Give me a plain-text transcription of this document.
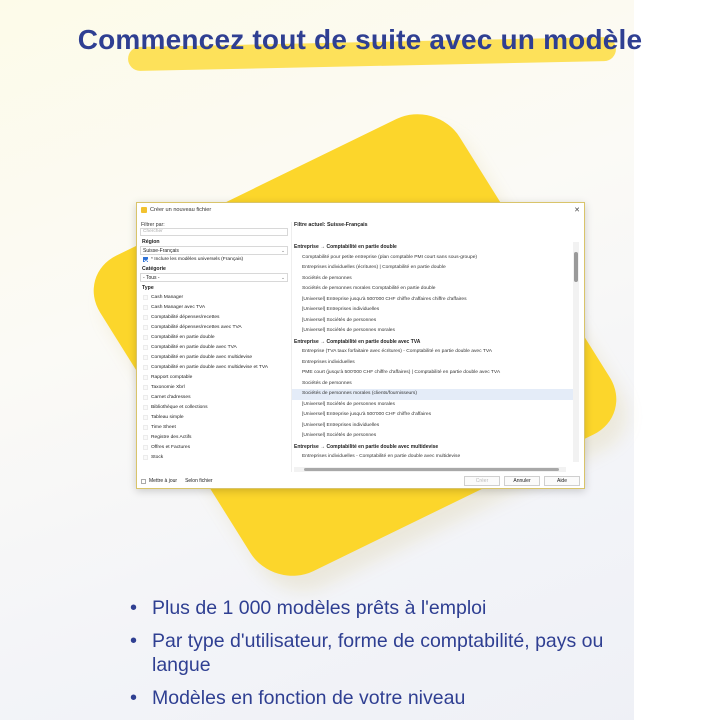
Commencez tout de suite avec un modèle
Créer un nouveau fichier	✕
Filtrer par:
Chercher
Région
Suisse-Français	⌄
* Inclure les modèles universels (Français)
Catégorie
- Tous -	⌄
Type
Cash Manager
Cash Manager avec TVA
Comptabilité dépenses/recettes
Comptabilité dépenses/recettes avec TVA
Comptabilité en partie double
Comptabilité en partie double avec TVA
Comptabilité en partie double avec multidevise
Comptabilité en partie double avec multidevise et TVA
Rapport comptable
Taxonomie Xbrl
Carnet d'adresses
Bibliothèque et collections
Tableau simple
Time Sheet
Registre des Actifs
Offres et Factures
Stock
Filtre actuel: Suisse-Français
Entreprise → Comptabilité en partie double
Comptabilité pour petite entreprise (plan comptable PMI court sans sous-groupe)
Entreprises individuelles (écritures) | Comptabilité en partie double
Sociétés de personnes
Sociétés de personnes morales Comptabilité en partie double
[Universel] Entreprise jusqu'à 500'000 CHF chiffre d'affaires chiffre d'affaires
[Universel] Entreprises individuelles
[Universel] Sociétés de personnes
[Universel] Sociétés de personnes morales
Entreprise → Comptabilité en partie double avec TVA
Entreprise (TVA taux forfaitaire avec écritures) - Comptabilité en partie double avec TVA
Entreprises individuelles
PME court (jusqu'à 500'000 CHF chiffre d'affaires) | Comptabilité en partie double avec TVA
Sociétés de personnes
Sociétés de personnes morales (clients/fournisseurs)
[Universel] Sociétés de personnes morales
[Universel] Entreprise jusqu'à 500'000 CHF chiffre d'affaires
[Universel] Entreprises individuelles
[Universel] Sociétés de personnes
Entreprise → Comptabilité en partie double avec multidevise
Entreprises individuelles - Comptabilité en partie double avec multidevise
Mettre à jour Selon fichier	Créer	Annuler	Aide
• Plus de 1 000 modèles prêts à l'emploi
• Par type d'utilisateur, forme de comptabilité, pays ou langue
• Modèles en fonction de votre niveau
